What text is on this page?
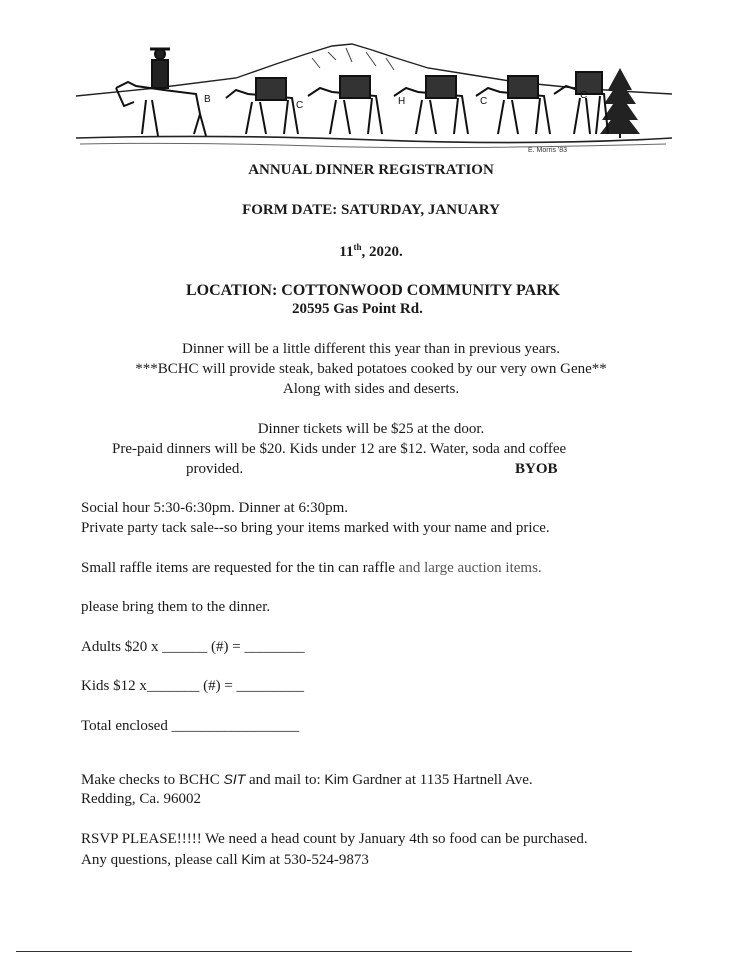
B
C	H	C
C
E. Morris '83
ANNUAL DINNER REGISTRATION
FORM DATE: SATURDAY, JANUARY
11th, 2020.
LOCATION: COTTONWOOD COMMUNITY PARK
20595 Gas Point Rd.
Dinner will be a little different this year than in previous years.
***BCHC will provide steak, baked potatoes cooked by our very own Gene**
Along with sides and deserts.
Dinner tickets will be $25 at the door.
Pre-paid dinners will be $20. Kids under 12 are $12. Water, soda and coffee
provided.	BYOB
Social hour 5:30-6:30pm. Dinner at 6:30pm.
Private party tack sale--so bring your items marked with your name and price.
Small raffle items are requested for the tin can raffle and large auction items.
please bring them to the dinner.
Adults $20 x ______ (#) = ________
Kids $12 x_______ (#) = _________
Total enclosed _________________
Make checks to BCHC SIT and mail to: Kim Gardner at 1135 Hartnell Ave.
Redding, Ca. 96002
RSVP PLEASE!!!!! We need a head count by January 4th so food can be purchased.
Any questions, please call Kim at 530-524-9873
